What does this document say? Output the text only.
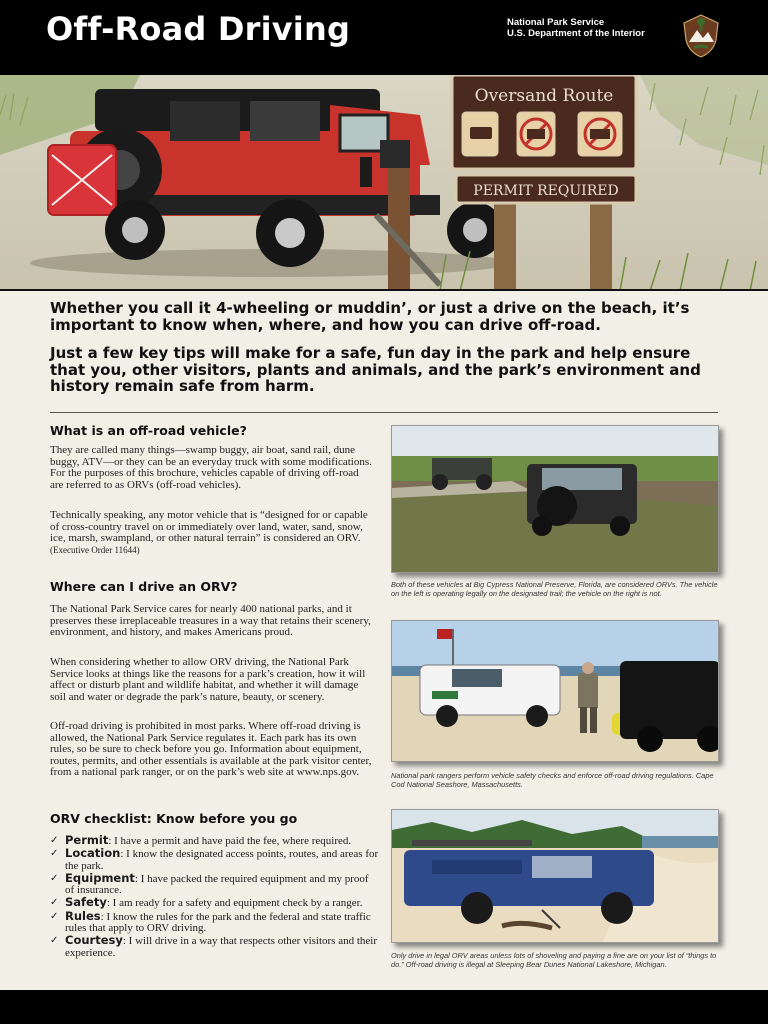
Off-Road Driving	National Park Service
U.S. Department of the Interior
Oversand Route
PERMIT REQUIRED
Whether you call it 4-wheeling or muddin’, or just a drive on the beach, it’s important to know when, where, and how you can drive off-road.
Just a few key tips will make for a safe, fun day in the park and help ensure that you, other visitors, plants and animals, and the park’s environment and history remain safe from harm.
What is an off-road vehicle?
They are called many things—swamp buggy, air boat, sand rail, dune buggy, ATV—or they can be an everyday truck with some modifications. For the purposes of this brochure, vehicles capable of driving off-road are referred to as ORVs (off-road vehicles).
Technically speaking, any motor vehicle that is “designed for or capable of cross-country travel on or immediately over land, water, sand, snow, ice, marsh, swampland, or other natural terrain” is considered an ORV.
(Executive Order 11644)
Where can I drive an ORV?
The National Park Service cares for nearly 400 national parks, and it preserves these irreplaceable treasures in a way that retains their scenery, environment, and history, and makes Americans proud.
When considering whether to allow ORV driving, the National Park Service looks at things like the reasons for a park’s creation, how it will affect or disturb plant and wildlife habitat, and whether it will damage soil and water or degrade the park’s nature, beauty, or scenery.
Off-road driving is prohibited in most parks. Where off-road driving is allowed, the National Park Service regulates it. Each park has its own rules, so be sure to check before you go. Information about equipment, routes, permits, and other essentials is available at the park visitor center, from a national park ranger, or on the park’s web site at www.nps.gov.
ORV checklist: Know before you go
✓ Permit: I have a permit and have paid the fee, where required.
✓ Location: I know the designated access points, routes, and areas for the park.
✓ Equipment: I have packed the required equipment and my proof of insurance.
✓ Safety: I am ready for a safety and equipment check by a ranger.
✓ Rules: I know the rules for the park and the federal and state traffic rules that apply to ORV driving.
✓ Courtesy: I will drive in a way that respects other visitors and their experience.
Both of these vehicles at Big Cypress National Preserve, Florida, are considered ORVs. The vehicle on the left is operating legally on the designated trail; the vehicle on the right is not.
National park rangers perform vehicle safety checks and enforce off-road driving regulations. Cape Cod National Seashore, Massachusetts.
Only drive in legal ORV areas unless lots of shoveling and paying a fine are on your list of “things to do.” Off-road driving is illegal at Sleeping Bear Dunes National Lakeshore, Michigan.
